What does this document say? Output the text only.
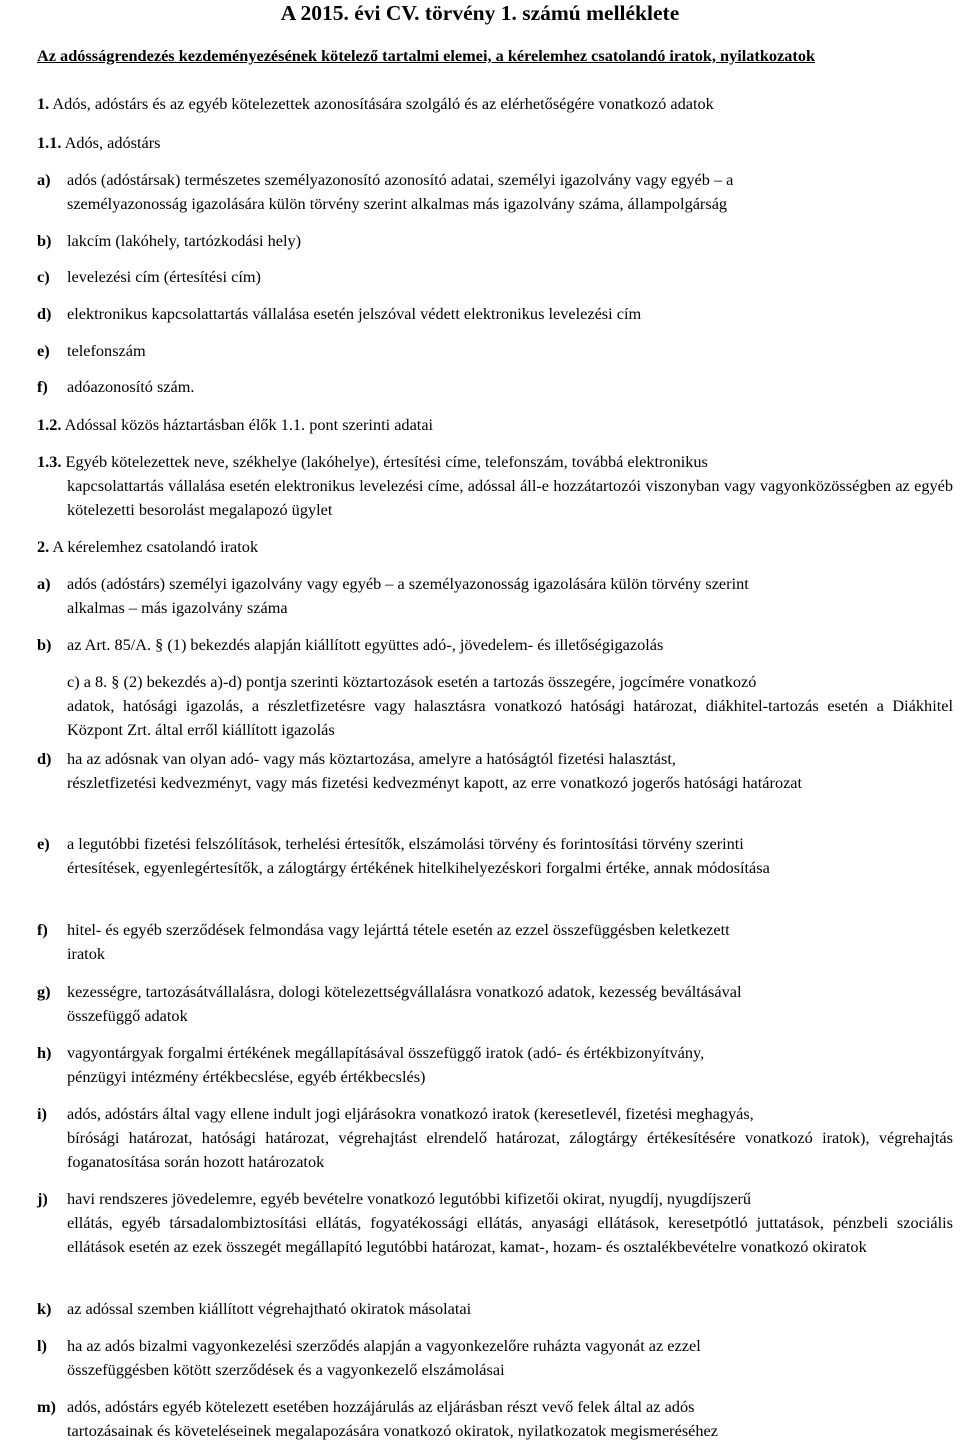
A 2015. évi CV. törvény 1. számú melléklete
Az adósságrendezés kezdeményezésének kötelező tartalmi elemei, a kérelemhez csatolandó iratok, nyilatkozatok
1. Adós, adóstárs és az egyéb kötelezettek azonosítására szolgáló és az elérhetőségére vonatkozó adatok
1.1. Adós, adóstárs
a) adós (adóstársak) természetes személyazonosító azonosító adatai, személyi igazolvány vagy egyéb – a
személyazonosság igazolására külön törvény szerint alkalmas más igazolvány száma, állampolgárság
b) lakcím (lakóhely, tartózkodási hely)
c) levelezési cím (értesítési cím)
d) elektronikus kapcsolattartás vállalása esetén jelszóval védett elektronikus levelezési cím
e) telefonszám
f) adóazonosító szám.
1.2. Adóssal közös háztartásban élők 1.1. pont szerinti adatai
1.3. Egyéb kötelezettek neve, székhelye (lakóhelye), értesítési címe, telefonszám, továbbá elektronikus
kapcsolattartás vállalása esetén elektronikus levelezési címe, adóssal áll-e hozzátartozói viszonyban vagy vagyonközösségben az egyéb kötelezetti besorolást megalapozó ügylet
2. A kérelemhez csatolandó iratok
a) adós (adóstárs) személyi igazolvány vagy egyéb – a személyazonosság igazolására külön törvény szerint
alkalmas – más igazolvány száma
b) az Art. 85/A. § (1) bekezdés alapján kiállított együttes adó-, jövedelem- és illetőségigazolás
c) a 8. § (2) bekezdés a)-d) pontja szerinti köztartozások esetén a tartozás összegére, jogcímére vonatkozó
adatok, hatósági igazolás, a részletfizetésre vagy halasztásra vonatkozó hatósági határozat, diákhitel-tartozás esetén a Diákhitel Központ Zrt. által erről kiállított igazolás
d) ha az adósnak van olyan adó- vagy más köztartozása, amelyre a hatóságtól fizetési halasztást,
részletfizetési kedvezményt, vagy más fizetési kedvezményt kapott, az erre vonatkozó jogerős hatósági határozat
e) a legutóbbi fizetési felszólítások, terhelési értesítők, elszámolási törvény és forintosítási törvény szerinti
értesítések, egyenlegértesítők, a zálogtárgy értékének hitelkihelyezéskori forgalmi értéke, annak módosítása
f) hitel- és egyéb szerződések felmondása vagy lejárttá tétele esetén az ezzel összefüggésben keletkezett
iratok
g) kezességre, tartozásátvállalásra, dologi kötelezettségvállalásra vonatkozó adatok, kezesség beváltásával
összefüggő adatok
h) vagyontárgyak forgalmi értékének megállapításával összefüggő iratok (adó- és értékbizonyítvány,
pénzügyi intézmény értékbecslése, egyéb értékbecslés)
i) adós, adóstárs által vagy ellene indult jogi eljárásokra vonatkozó iratok (keresetlevél, fizetési meghagyás,
bírósági határozat, hatósági határozat, végrehajtást elrendelő határozat, zálogtárgy értékesítésére vonatkozó iratok), végrehajtás foganatosítása során hozott határozatok
j) havi rendszeres jövedelemre, egyéb bevételre vonatkozó legutóbbi kifizetői okirat, nyugdíj, nyugdíjszerű
ellátás, egyéb társadalombiztosítási ellátás, fogyatékossági ellátás, anyasági ellátások, keresetpótló juttatások, pénzbeli szociális ellátások esetén az ezek összegét megállapító legutóbbi határozat, kamat-, hozam- és osztalékbevételre vonatkozó okiratok
k) az adóssal szemben kiállított végrehajtható okiratok másolatai
l) ha az adós bizalmi vagyonkezelési szerződés alapján a vagyonkezelőre ruházta vagyonát az ezzel
összefüggésben kötött szerződések és a vagyonkezelő elszámolásai
m) adós, adóstárs egyéb kötelezett esetében hozzájárulás az eljárásban részt vevő felek által az adós
tartozásainak és követeléseinek megalapozására vonatkozó okiratok, nyilatkozatok megismeréséhez
